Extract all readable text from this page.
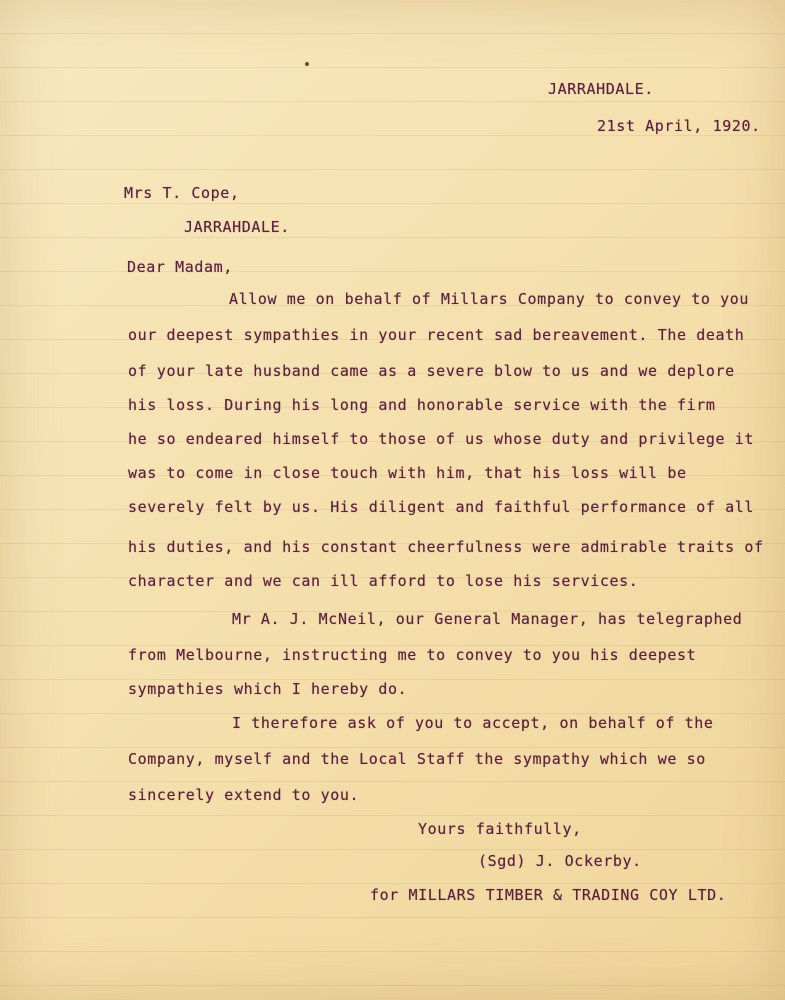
JARRAHDALE.
21st April, 1920.
Mrs T. Cope,
JARRAHDALE.
Dear Madam,
Allow me on behalf of Millars Company to convey to you
our deepest sympathies in your recent sad bereavement. The death
of your late husband came as a severe blow to us and we deplore
his loss. During his long and honorable service with the firm
he so endeared himself to those of us whose duty and privilege it
was to come in close touch with him, that his loss will be
severely felt by us. His diligent and faithful performance of all
his duties, and his constant cheerfulness were admirable traits of
character and we can ill afford to lose his services.
Mr A. J. McNeil, our General Manager, has telegraphed
from Melbourne, instructing me to convey to you his deepest
sympathies which I hereby do.
I therefore ask of you to accept, on behalf of the
Company, myself and the Local Staff the sympathy which we so
sincerely extend to you.
Yours faithfully,
(Sgd) J. Ockerby.
for MILLARS TIMBER & TRADING COY LTD.
